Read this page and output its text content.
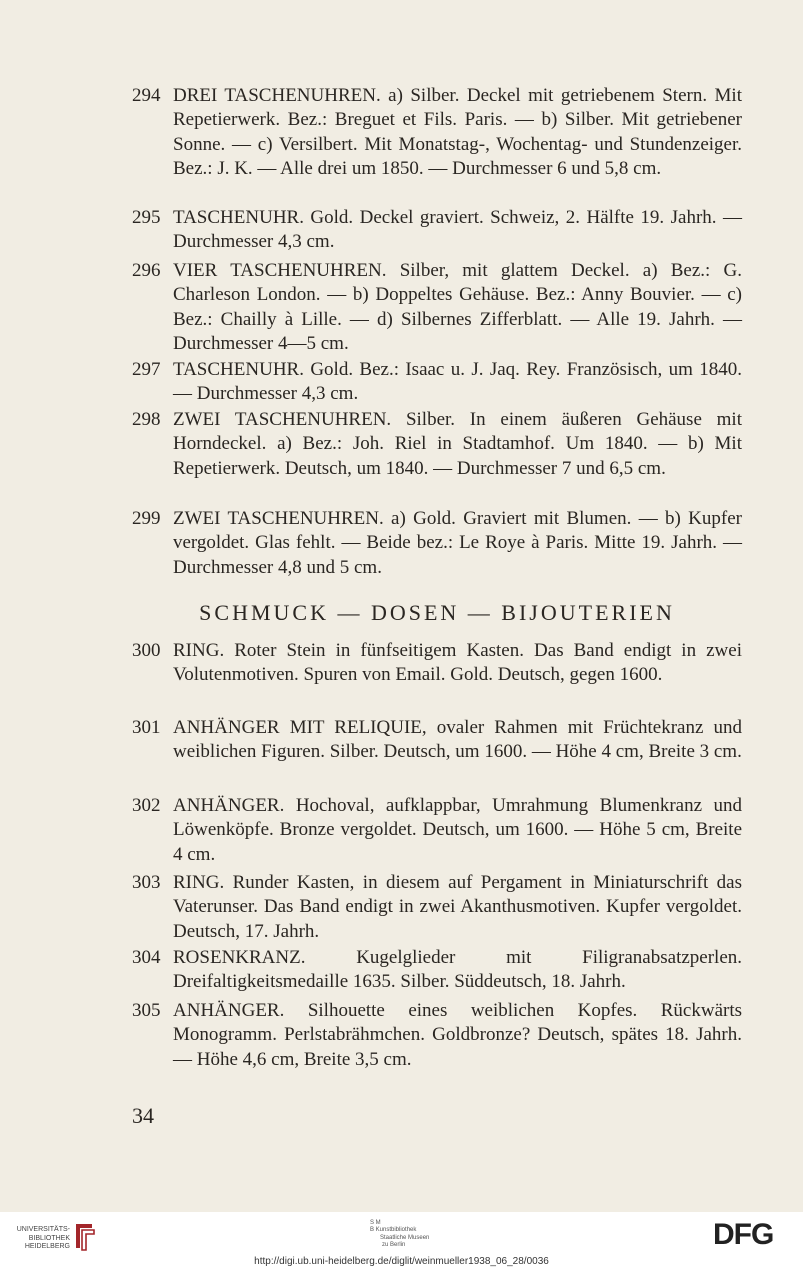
294 DREI TASCHENUHREN. a) Silber. Deckel mit getriebenem Stern. Mit Repetierwerk. Bez.: Breguet et Fils. Paris. — b) Silber. Mit getriebener Sonne. — c) Versilbert. Mit Monatstag-, Wochentag- und Stundenzeiger. Bez.: J. K. — Alle drei um 1850. — Durchmesser 6 und 5,8 cm.
295 TASCHENUHR. Gold. Deckel graviert. Schweiz, 2. Hälfte 19. Jahrh. — Durchmesser 4,3 cm.
296 VIER TASCHENUHREN. Silber, mit glattem Deckel. a) Bez.: G. Charleson London. — b) Doppeltes Gehäuse. Bez.: Anny Bouvier. — c) Bez.: Chailly à Lille. — d) Silbernes Zifferblatt. — Alle 19. Jahrh. — Durchmesser 4—5 cm.
297 TASCHENUHR. Gold. Bez.: Isaac u. J. Jaq. Rey. Französisch, um 1840. — Durchmesser 4,3 cm.
298 ZWEI TASCHENUHREN. Silber. In einem äußeren Gehäuse mit Horndeckel. a) Bez.: Joh. Riel in Stadtamhof. Um 1840. — b) Mit Repetierwerk. Deutsch, um 1840. — Durchmesser 7 und 6,5 cm.
299 ZWEI TASCHENUHREN. a) Gold. Graviert mit Blumen. — b) Kupfer vergoldet. Glas fehlt. — Beide bez.: Le Roye à Paris. Mitte 19. Jahrh. — Durchmesser 4,8 und 5 cm.
SCHMUCK — DOSEN — BIJOUTERIEN
300 RING. Roter Stein in fünfseitigem Kasten. Das Band endigt in zwei Volutenmotiven. Spuren von Email. Gold. Deutsch, gegen 1600.
301 ANHÄNGER MIT RELIQUIE, ovaler Rahmen mit Früchtekranz und weiblichen Figuren. Silber. Deutsch, um 1600. — Höhe 4 cm, Breite 3 cm.
302 ANHÄNGER. Hochoval, aufklappbar, Umrahmung Blumenkranz und Löwenköpfe. Bronze vergoldet. Deutsch, um 1600. — Höhe 5 cm, Breite 4 cm.
303 RING. Runder Kasten, in diesem auf Pergament in Miniaturschrift das Vaterunser. Das Band endigt in zwei Akanthusmotiven. Kupfer vergoldet. Deutsch, 17. Jahrh.
304 ROSENKRANZ. Kugelglieder mit Filigranabsatzperlen. Dreifaltigkeitsmedaille 1635. Silber. Süddeutsch, 18. Jahrh.
305 ANHÄNGER. Silhouette eines weiblichen Kopfes. Rückwärts Monogramm. Perlstabrähmchen. Goldbronze? Deutsch, spätes 18. Jahrh. — Höhe 4,6 cm, Breite 3,5 cm.
34
UNIVERSITÄTS-
BIBLIOTHEK
HEIDELBERG
S M
B Kunstbibliothek
Staatliche Museen
zu Berlin	DFG
http://digi.ub.uni-heidelberg.de/diglit/weinmueller1938_06_28/0036
